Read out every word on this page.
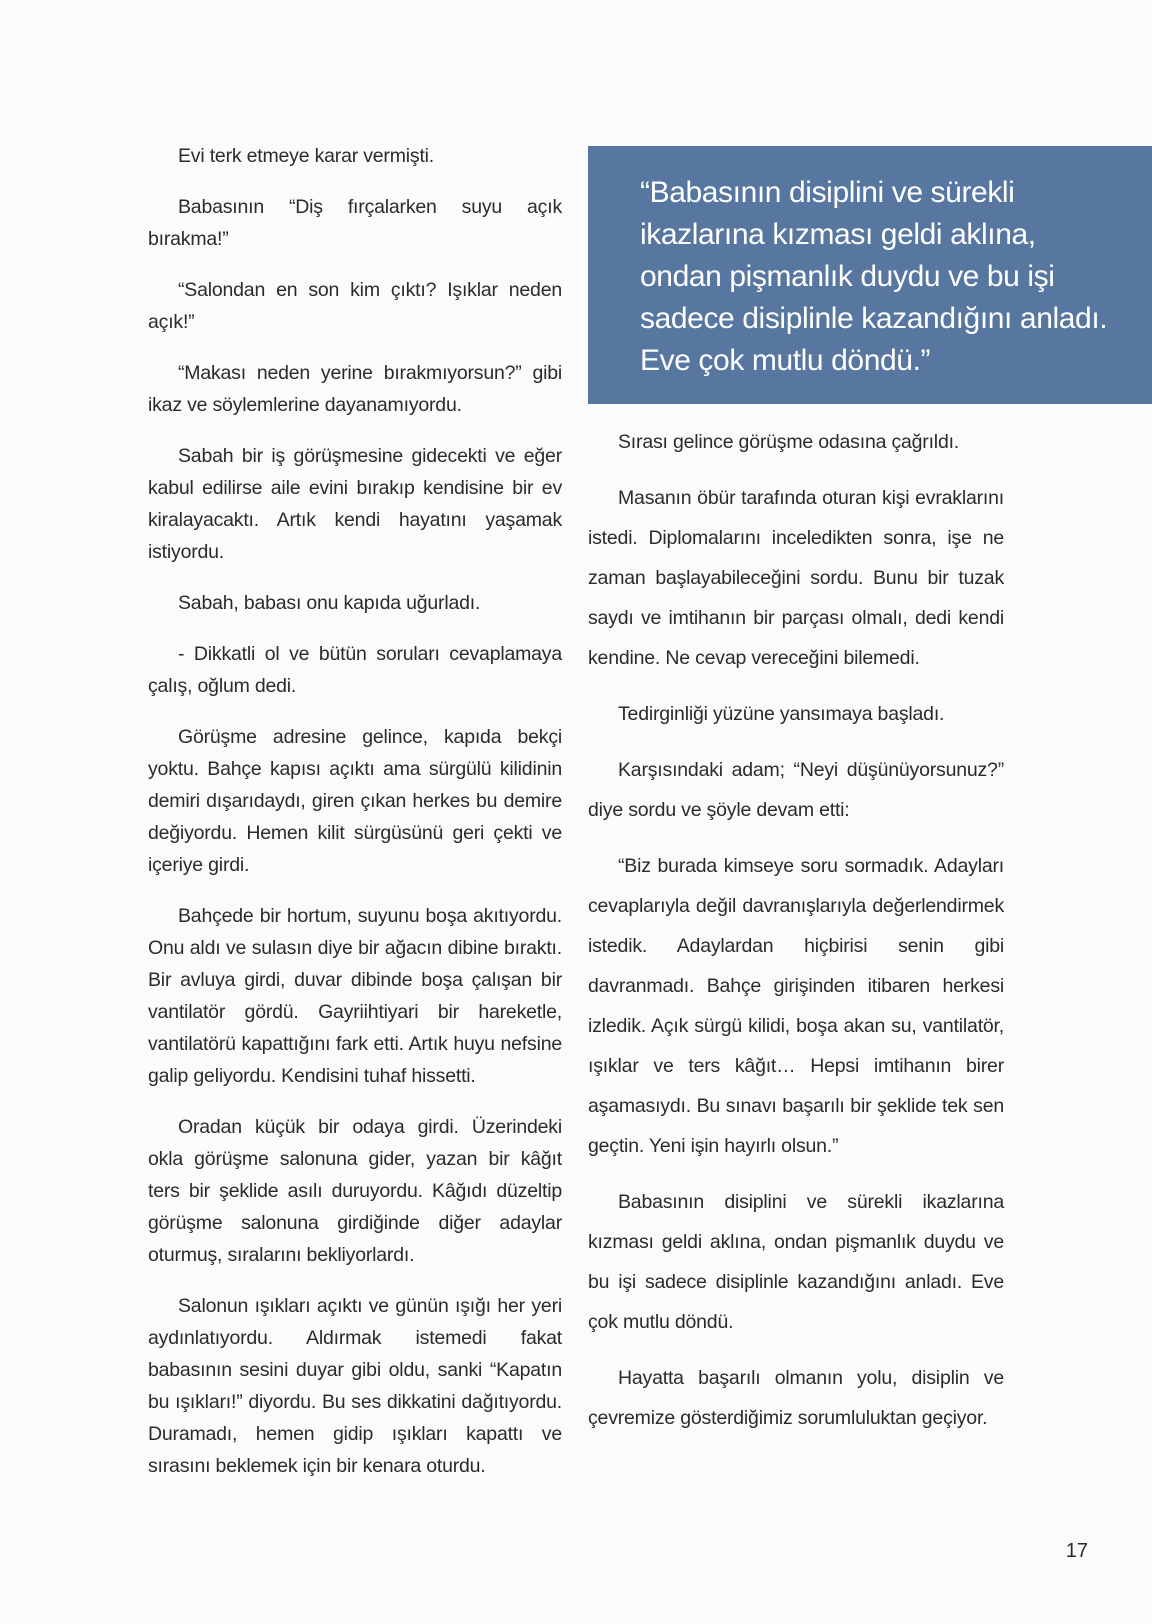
Evi terk etmeye karar vermişti.

Babasının “Diş fırçalarken suyu açık bırakma!”

“Salondan en son kim çıktı? Işıklar neden açık!”

“Makası neden yerine bırakmıyorsun?” gibi ikaz ve söylemlerine dayanamıyordu.

Sabah bir iş görüşmesine gidecekti ve eğer kabul edilirse aile evini bırakıp kendisine bir ev kiralayacaktı. Artık kendi hayatını yaşamak istiyordu.

Sabah, babası onu kapıda uğurladı.

- Dikkatli ol ve bütün soruları cevaplamaya çalış, oğlum dedi.

Görüşme adresine gelince, kapıda bekçi yoktu. Bahçe kapısı açıktı ama sürgülü kilidinin demiri dışarıdaydı, giren çıkan herkes bu demire değiyordu. Hemen kilit sürgüsünü geri çekti ve içeriye girdi.

Bahçede bir hortum, suyunu boşa akıtıyordu. Onu aldı ve sulasın diye bir ağacın dibine bıraktı. Bir avluya girdi, duvar dibinde boşa çalışan bir vantilatör gördü. Gayriihtiyari bir hareketle, vantilatörü kapattığını fark etti. Artık huyu nefsine galip geliyordu. Kendisini tuhaf hissetti.

Oradan küçük bir odaya girdi. Üzerindeki okla görüşme salonuna gider, yazan bir kâğıt ters bir şeklide asılı duruyordu. Kâğıdı düzeltip görüşme salonuna girdiğinde diğer adaylar oturmuş, sıralarını bekliyorlardı.

Salonun ışıkları açıktı ve günün ışığı her yeri aydınlatıyordu. Aldırmak istemedi fakat babasının sesini duyar gibi oldu, sanki “Kapatın bu ışıkları!” diyordu. Bu ses dikkatini dağıtıyordu. Duramadı, hemen gidip ışıkları kapattı ve sırasını beklemek için bir kenara oturdu.

“Babasının disiplini ve sürekli ikazlarına kızması geldi aklına, ondan pişmanlık duydu ve bu işi sadece disiplinle kazandığını anladı. Eve çok mutlu döndü.”

Sırası gelince görüşme odasına çağrıldı.

Masanın öbür tarafında oturan kişi evraklarını istedi. Diplomalarını inceledikten sonra, işe ne zaman başlayabileceğini sordu. Bunu bir tuzak saydı ve imtihanın bir parçası olmalı, dedi kendi kendine. Ne cevap vereceğini bilemedi.

Tedirginliği yüzüne yansımaya başladı.

Karşısındaki adam; “Neyi düşünüyorsunuz?” diye sordu ve şöyle devam etti:

“Biz burada kimseye soru sormadık. Adayları cevaplarıyla değil davranışlarıyla değerlendirmek istedik. Adaylardan hiçbirisi senin gibi davranmadı. Bahçe girişinden itibaren herkesi izledik. Açık sürgü kilidi, boşa akan su, vantilatör, ışıklar ve ters kâğıt… Hepsi imtihanın birer aşamasıydı. Bu sınavı başarılı bir şeklide tek sen geçtin. Yeni işin hayırlı olsun.”

Babasının disiplini ve sürekli ikazlarına kızması geldi aklına, ondan pişmanlık duydu ve bu işi sadece disiplinle kazandığını anladı. Eve çok mutlu döndü.

Hayatta başarılı olmanın yolu, disiplin ve çevremize gösterdiğimiz sorumluluktan geçiyor.

17
